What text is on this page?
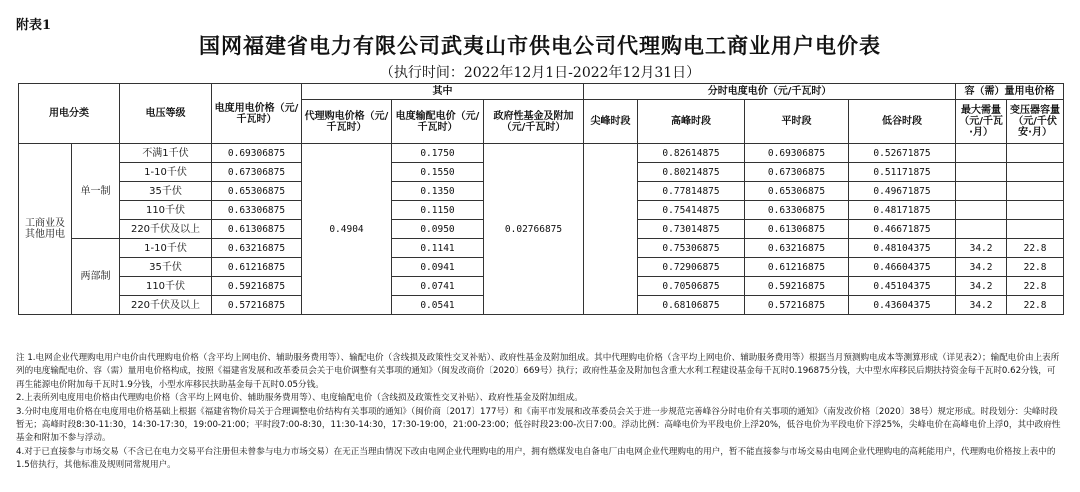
附表1
国网福建省电力有限公司武夷山市供电公司代理购电工商业用户电价表
（执行时间：2022年12月1日-2022年12月31日）
用电分类		电压等级	电度用电价格（元/千瓦时）	其中			分时电度电价（元/千瓦时）				容（需）量用电价格	
				代理购电价格（元/千瓦时）	电度输配电价（元/千瓦时）	政府性基金及附加（元/千瓦时）	尖峰时段	高峰时段	平时段	低谷时段	最大需量（元/千瓦·月）	变压器容量（元/千伏安·月）
工商业及其他用电	单一制	不满1千伏	0.69306875	0.4904	0.1750	0.02766875		0.82614875	0.69306875	0.52671875		
		1-10千伏	0.67306875		0.1550			0.80214875	0.67306875	0.51171875		
		35千伏	0.65306875		0.1350			0.77814875	0.65306875	0.49671875		
		110千伏	0.63306875		0.1150			0.75414875	0.63306875	0.48171875		
		220千伏及以上	0.61306875		0.0950			0.73014875	0.61306875	0.46671875		
	两部制	1-10千伏	0.63216875		0.1141			0.75306875	0.63216875	0.48104375	34.2	22.8
		35千伏	0.61216875		0.0941			0.72906875	0.61216875	0.46604375	34.2	22.8
		110千伏	0.59216875		0.0741			0.70506875	0.59216875	0.45104375	34.2	22.8
		220千伏及以上	0.57216875		0.0541			0.68106875	0.57216875	0.43604375	34.2	22.8

注 1.电网企业代理购电用户电价由代理购电价格（含平均上网电价、辅助服务费用等）、输配电价（含线损及政策性交叉补贴）、政府性基金及附加组成。其中代理购电价格（含平均上网电价、辅助服务费用等）根据当月预测购电成本等测算形成（详见表2）；输配电价由上表所列的电度输配电价、容（需）量用电价格构成，按照《福建省发展和改革委员会关于电价调整有关事项的通知》（闽发改商价〔2020〕669号）执行；政府性基金及附加包含重大水利工程建设基金每千瓦时0.196875分钱，大中型水库移民后期扶持资金每千瓦时0.62分钱，可再生能源电价附加每千瓦时1.9分钱，小型水库移民扶助基金每千瓦时0.05分钱。

2.上表所列电度用电价格由代理购电价格（含平均上网电价、辅助服务费用等）、电度输配电价（含线损及政策性交叉补贴）、政府性基金及附加组成。

3.分时电度用电价格在电度用电价格基础上根据《福建省物价局关于合理调整电价结构有关事项的通知》（闽价商〔2017〕177号）和《南平市发展和改革委员会关于进一步规范完善峰谷分时电价有关事项的通知》（南发改价格〔2020〕38号）规定形成。时段划分：尖峰时段暂无；高峰时段8:30-11:30，14:30-17:30，19:00-21:00；平时段7:00-8:30，11:30-14:30，17:30-19:00，21:00-23:00；低谷时段23:00-次日7:00。浮动比例：高峰电价为平段电价上浮20%，低谷电价为平段电价下浮25%，尖峰电价在高峰电价上浮0，其中政府性基金和附加不参与浮动。

4.对于已直接参与市场交易（不含已在电力交易平台注册但未曾参与电力市场交易）在无正当理由情况下改由电网企业代理购电的用户，拥有燃煤发电自备电厂由电网企业代理购电的用户，暂不能直接参与市场交易由电网企业代理购电的高耗能用户，代理购电价格按上表中的1.5倍执行，其他标准及规则同常规用户。
